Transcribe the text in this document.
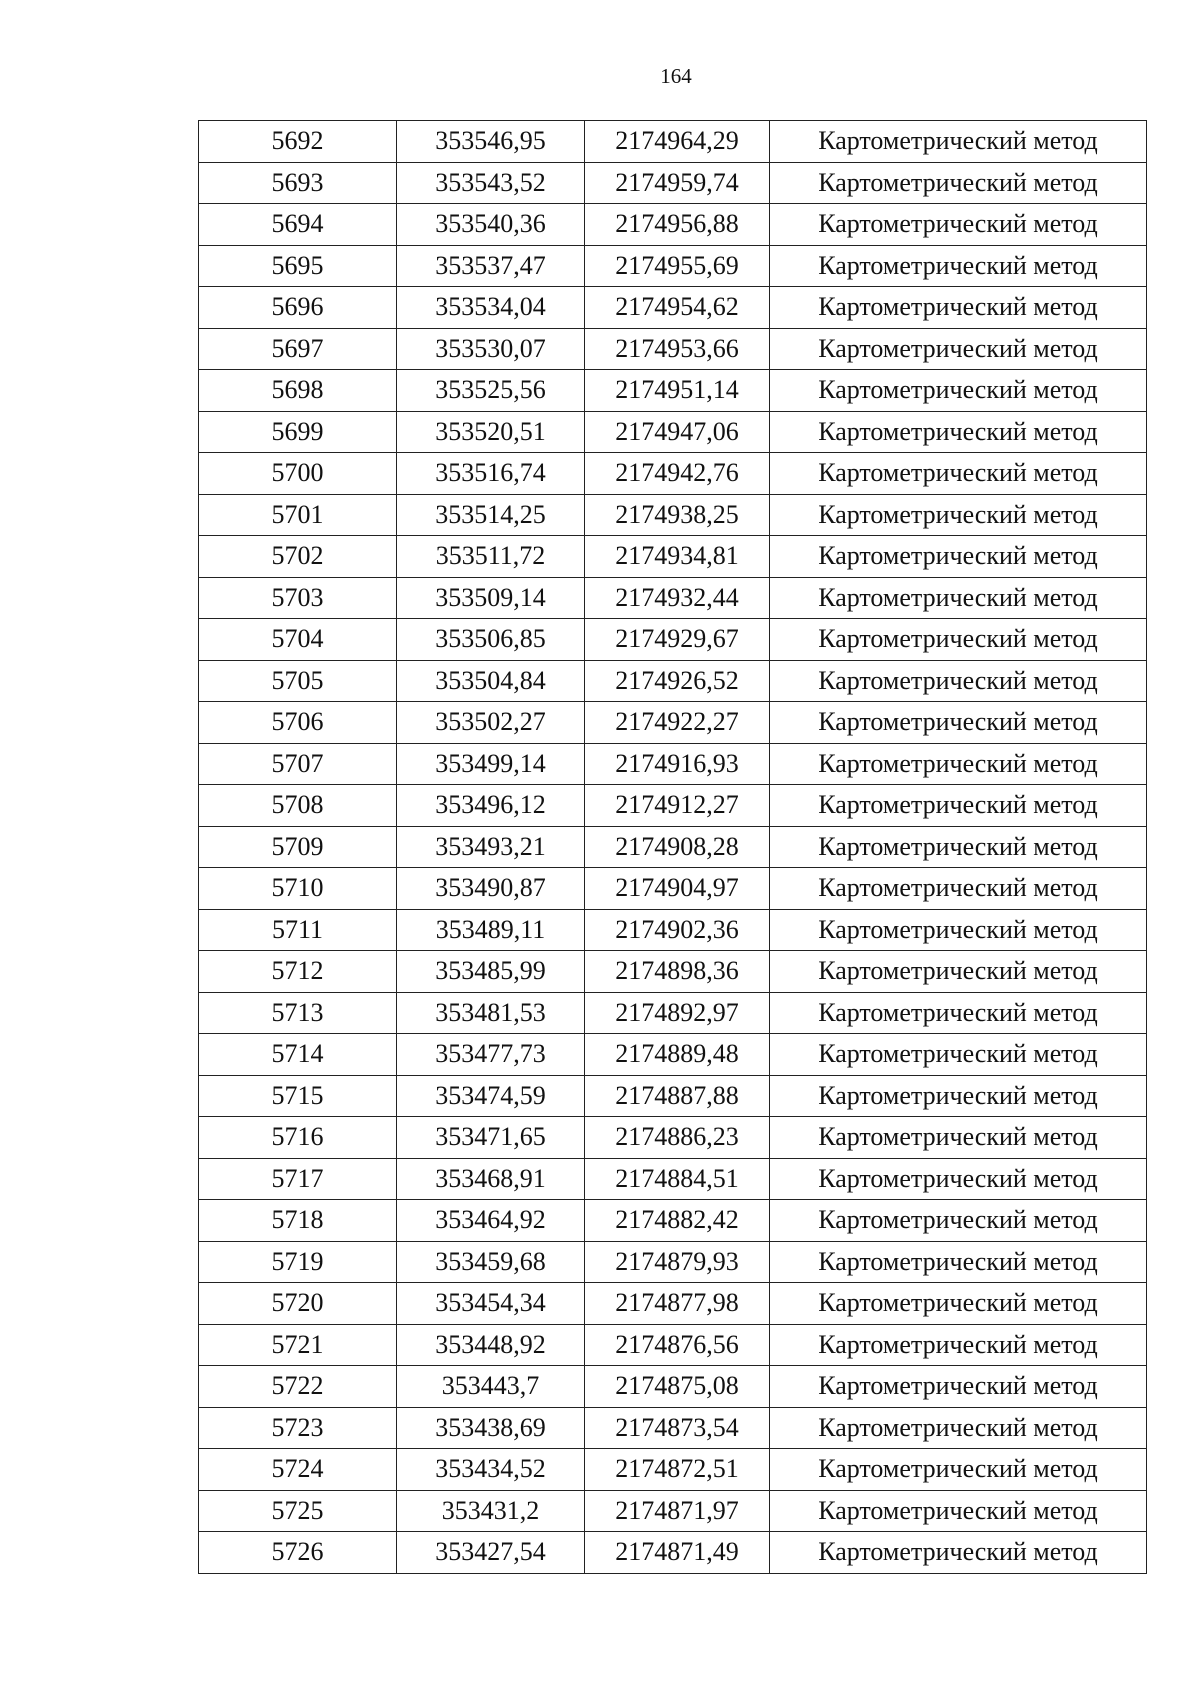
164
5692	353546,95	2174964,29	Картометрический метод
5693	353543,52	2174959,74	Картометрический метод
5694	353540,36	2174956,88	Картометрический метод
5695	353537,47	2174955,69	Картометрический метод
5696	353534,04	2174954,62	Картометрический метод
5697	353530,07	2174953,66	Картометрический метод
5698	353525,56	2174951,14	Картометрический метод
5699	353520,51	2174947,06	Картометрический метод
5700	353516,74	2174942,76	Картометрический метод
5701	353514,25	2174938,25	Картометрический метод
5702	353511,72	2174934,81	Картометрический метод
5703	353509,14	2174932,44	Картометрический метод
5704	353506,85	2174929,67	Картометрический метод
5705	353504,84	2174926,52	Картометрический метод
5706	353502,27	2174922,27	Картометрический метод
5707	353499,14	2174916,93	Картометрический метод
5708	353496,12	2174912,27	Картометрический метод
5709	353493,21	2174908,28	Картометрический метод
5710	353490,87	2174904,97	Картометрический метод
5711	353489,11	2174902,36	Картометрический метод
5712	353485,99	2174898,36	Картометрический метод
5713	353481,53	2174892,97	Картометрический метод
5714	353477,73	2174889,48	Картометрический метод
5715	353474,59	2174887,88	Картометрический метод
5716	353471,65	2174886,23	Картометрический метод
5717	353468,91	2174884,51	Картометрический метод
5718	353464,92	2174882,42	Картометрический метод
5719	353459,68	2174879,93	Картометрический метод
5720	353454,34	2174877,98	Картометрический метод
5721	353448,92	2174876,56	Картометрический метод
5722	353443,7	2174875,08	Картометрический метод
5723	353438,69	2174873,54	Картометрический метод
5724	353434,52	2174872,51	Картометрический метод
5725	353431,2	2174871,97	Картометрический метод
5726	353427,54	2174871,49	Картометрический метод
